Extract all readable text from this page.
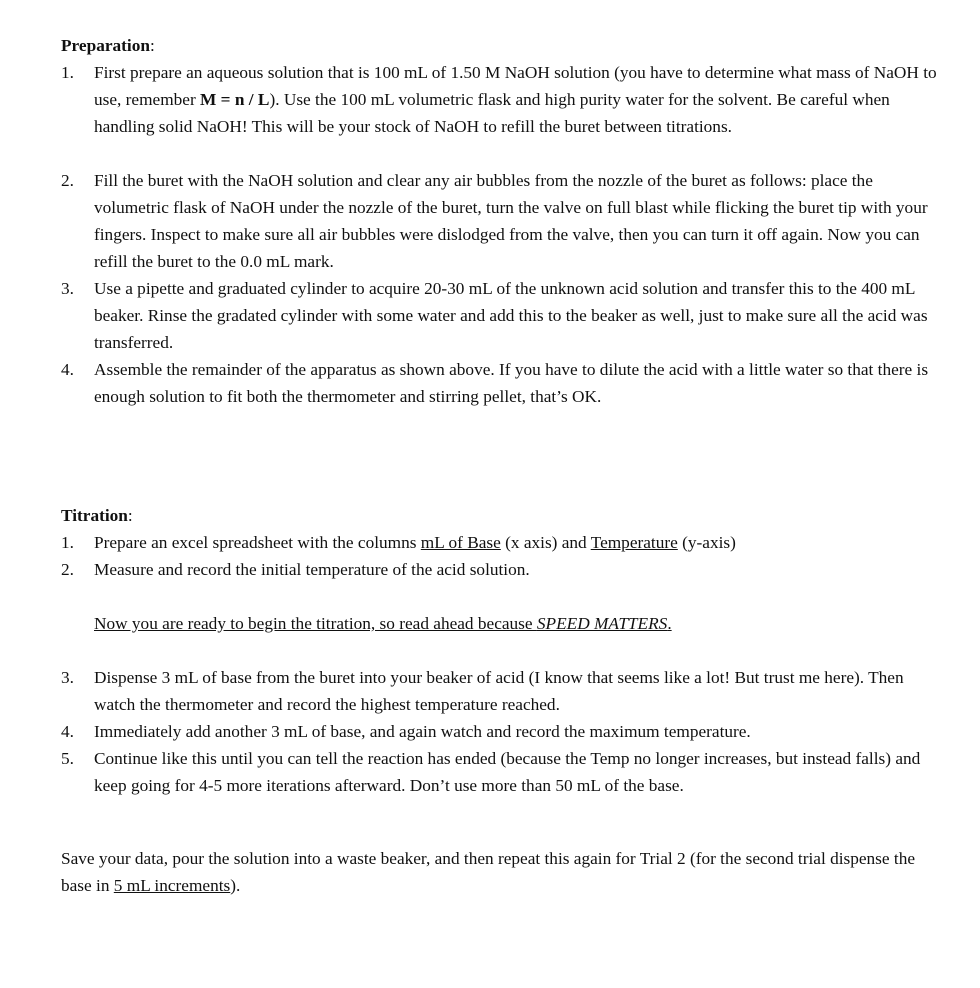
Preparation:
1.	First prepare an aqueous solution that is 100 mL of 1.50 M NaOH solution (you have to determine what mass of NaOH to use, remember M = n / L). Use the 100 mL volumetric flask and high purity water for the solvent. Be careful when handling solid NaOH! This will be your stock of NaOH to refill the buret between titrations.
2.	Fill the buret with the NaOH solution and clear any air bubbles from the nozzle of the buret as follows: place the volumetric flask of NaOH under the nozzle of the buret, turn the valve on full blast while flicking the buret tip with your fingers. Inspect to make sure all air bubbles were dislodged from the valve, then you can turn it off again. Now you can refill the buret to the 0.0 mL mark.
3.	Use a pipette and graduated cylinder to acquire 20-30 mL of the unknown acid solution and transfer this to the 400 mL beaker. Rinse the gradated cylinder with some water and add this to the beaker as well, just to make sure all the acid was transferred.
4.	Assemble the remainder of the apparatus as shown above. If you have to dilute the acid with a little water so that there is enough solution to fit both the thermometer and stirring pellet, that’s OK.
Titration:
1.	Prepare an excel spreadsheet with the columns mL of Base (x axis) and Temperature (y-axis)
2.	Measure and record the initial temperature of the acid solution.
Now you are ready to begin the titration, so read ahead because SPEED MATTERS.
3.	Dispense 3 mL of base from the buret into your beaker of acid (I know that seems like a lot! But trust me here). Then watch the thermometer and record the highest temperature reached.
4.	Immediately add another 3 mL of base, and again watch and record the maximum temperature.
5.	Continue like this until you can tell the reaction has ended (because the Temp no longer increases, but instead falls) and keep going for 4-5 more iterations afterward. Don’t use more than 50 mL of the base.
Save your data, pour the solution into a waste beaker, and then repeat this again for Trial 2 (for the second trial dispense the base in 5 mL increments).
